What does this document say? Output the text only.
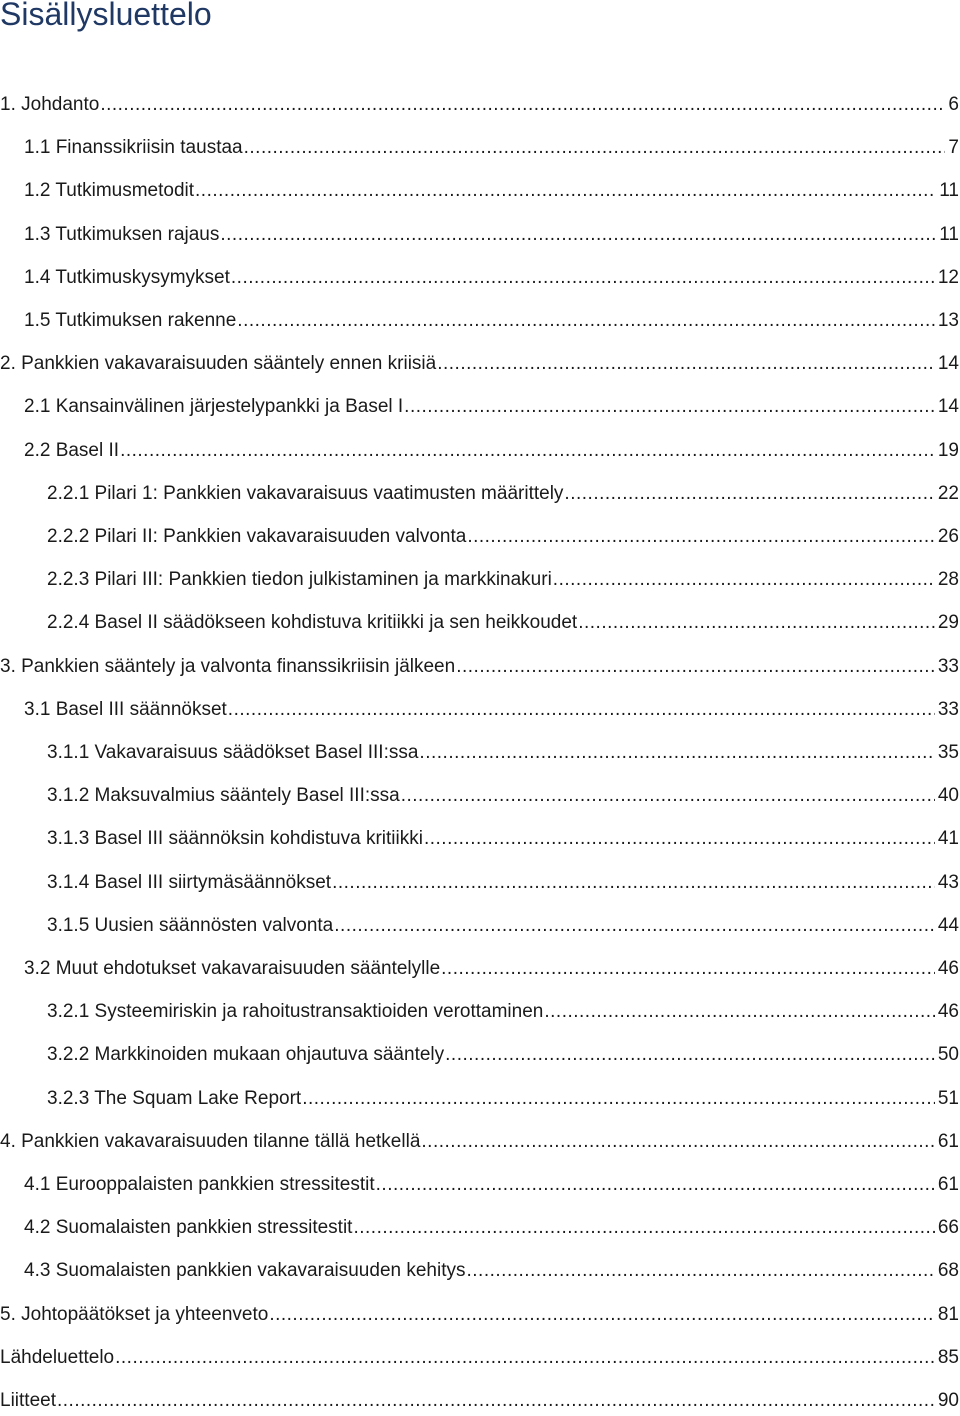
Sisällysluettelo
1. Johdanto .....	6
1.1 Finanssikriisin taustaa .....	7
1.2 Tutkimusmetodit .....	11
1.3 Tutkimuksen rajaus .....	11
1.4 Tutkimuskysymykset .....	12
1.5 Tutkimuksen rakenne .....	13
2. Pankkien vakavaraisuuden sääntely ennen kriisiä .....	14
2.1 Kansainvälinen järjestelypankki ja Basel I .....	14
2.2 Basel II .....	19
2.2.1 Pilari 1: Pankkien vakavaraisuus vaatimusten määrittely .....	22
2.2.2 Pilari II: Pankkien vakavaraisuuden valvonta .....	26
2.2.3 Pilari III: Pankkien tiedon julkistaminen ja markkinakuri .....	28
2.2.4 Basel II säädökseen kohdistuva kritiikki ja sen heikkoudet .....	29
3. Pankkien sääntely ja valvonta finanssikriisin jälkeen .....	33
3.1 Basel III säännökset .....	33
3.1.1 Vakavaraisuus säädökset Basel III:ssa .....	35
3.1.2 Maksuvalmius sääntely Basel III:ssa .....	40
3.1.3 Basel III säännöksin kohdistuva kritiikki .....	41
3.1.4 Basel III siirtymäsäännökset .....	43
3.1.5 Uusien säännösten valvonta .....	44
3.2 Muut ehdotukset vakavaraisuuden sääntelylle .....	46
3.2.1 Systeemiriskin ja rahoitustransaktioiden verottaminen .....	46
3.2.2 Markkinoiden mukaan ohjautuva sääntely .....	50
3.2.3 The Squam Lake Report .....	51
4. Pankkien vakavaraisuuden tilanne tällä hetkellä .....	61
4.1 Eurooppalaisten pankkien stressitestit .....	61
4.2 Suomalaisten pankkien stressitestit .....	66
4.3 Suomalaisten pankkien vakavaraisuuden kehitys .....	68
5. Johtopäätökset ja yhteenveto .....	81
Lähdeluettelo .....	85
Liitteet .....	90
